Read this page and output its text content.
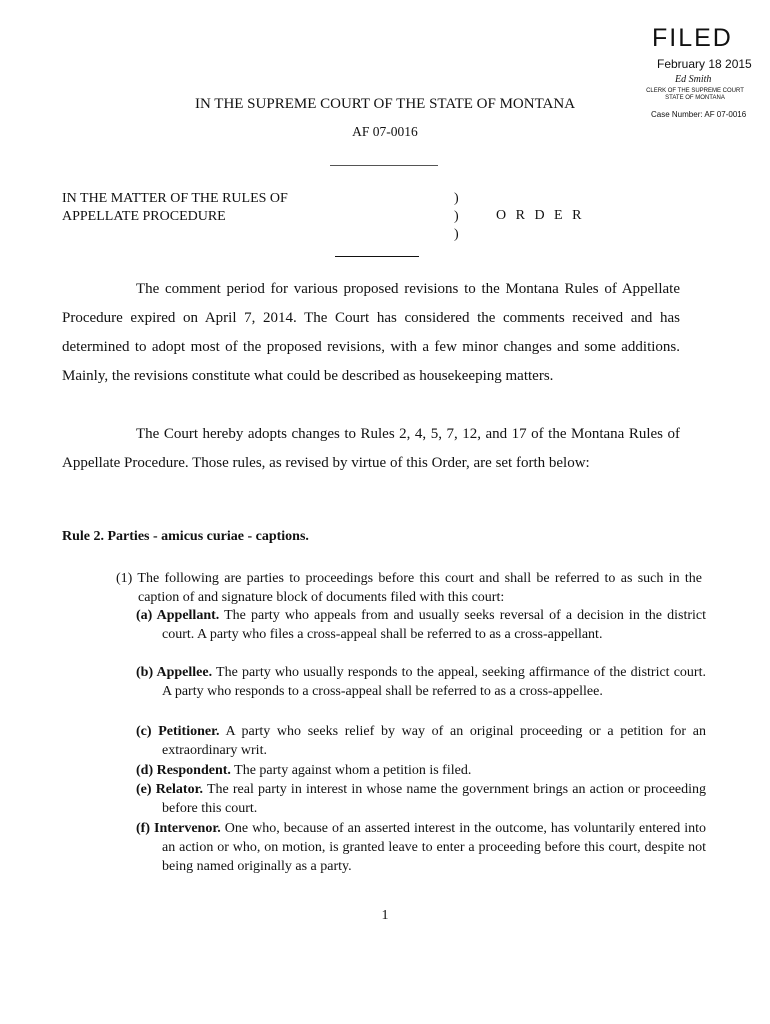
FILED
February 18 2015
Ed Smith
CLERK OF THE SUPREME COURT
STATE OF MONTANA
Case Number: AF 07-0016
IN THE SUPREME COURT OF THE STATE OF MONTANA
AF 07-0016
IN THE MATTER OF THE RULES OF
APPELLATE PROCEDURE
)
)
)
O R D E R
The comment period for various proposed revisions to the Montana Rules of Appellate Procedure expired on April 7, 2014. The Court has considered the comments received and has determined to adopt most of the proposed revisions, with a few minor changes and some additions. Mainly, the revisions constitute what could be described as housekeeping matters.
The Court hereby adopts changes to Rules 2, 4, 5, 7, 12, and 17 of the Montana Rules of Appellate Procedure. Those rules, as revised by virtue of this Order, are set forth below:
Rule 2. Parties - amicus curiae - captions.
(1) The following are parties to proceedings before this court and shall be referred to as such in the caption of and signature block of documents filed with this court:
(a) Appellant. The party who appeals from and usually seeks reversal of a decision in the district court. A party who files a cross-appeal shall be referred to as a cross-appellant.
(b) Appellee. The party who usually responds to the appeal, seeking affirmance of the district court. A party who responds to a cross-appeal shall be referred to as a cross-appellee.
(c) Petitioner. A party who seeks relief by way of an original proceeding or a petition for an extraordinary writ.
(d) Respondent. The party against whom a petition is filed.
(e) Relator. The real party in interest in whose name the government brings an action or proceeding before this court.
(f) Intervenor. One who, because of an asserted interest in the outcome, has voluntarily entered into an action or who, on motion, is granted leave to enter a proceeding before this court, despite not being named originally as a party.
1
